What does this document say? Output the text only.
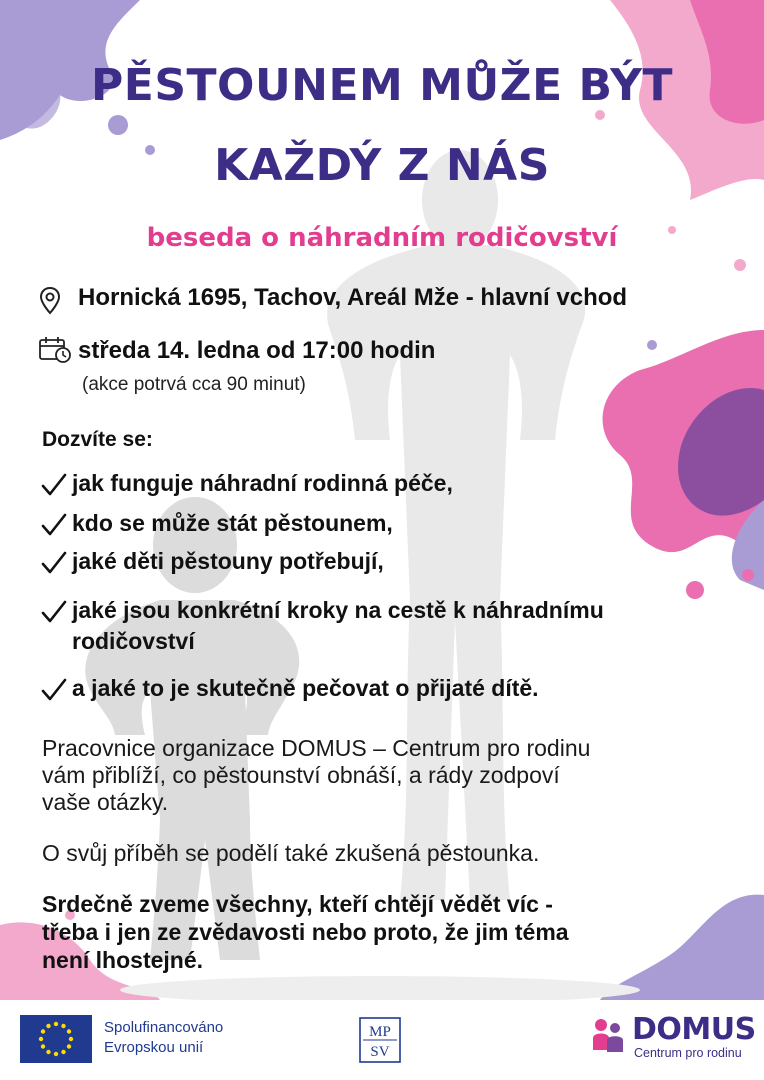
PĚSTOUNEM MŮŽE BÝT
KAŽDÝ Z NÁS
beseda o náhradním rodičovství
Hornická 1695, Tachov, Areál Mže - hlavní vchod
středa 14. ledna od 17:00 hodin
(akce potrvá cca 90 minut)
Dozvíte se:
jak funguje náhradní rodinná péče,
kdo se může stát pěstounem,
jaké děti pěstouny potřebují,
jaké jsou konkrétní kroky na cestě k náhradnímu
rodičovství
a jaké to je skutečně pečovat o přijaté dítě.
Pracovnice organizace DOMUS – Centrum pro rodinu
vám přiblíží, co pěstounství obnáší, a rády zodpoví
vaše otázky.
O svůj příběh se podělí také zkušená pěstounka.
Srdečně zveme všechny, kteří chtějí vědět víc -
třeba i jen ze zvědavosti nebo proto, že jim téma
není lhostejné.
Spolufinancováno
Evropskou unií
MP
SV
DOMUS
Centrum pro rodinu
